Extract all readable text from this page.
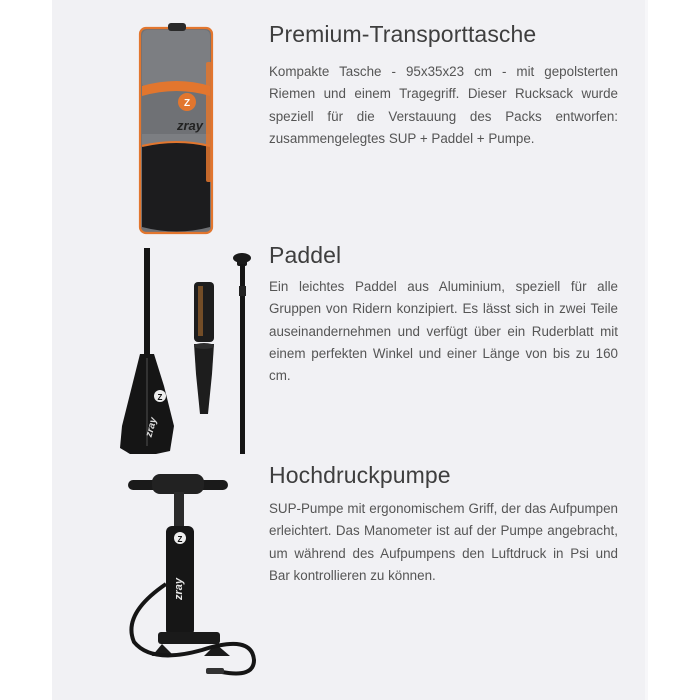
Z
zray
Premium-Transporttasche

Kompakte Tasche - 95x35x23 cm - mit gepolsterten Riemen und einem Tragegriff. Dieser Rucksack wurde speziell für die Verstauung des Packs entworfen: zusammengelegtes SUP + Paddel + Pumpe.

Z
zray
Paddel

Ein leichtes Paddel aus Aluminium, speziell für alle Gruppen von Ridern konzipiert. Es lässt sich in zwei Teile auseinandernehmen und verfügt über ein Ruderblatt mit einem perfekten Winkel und einer Länge von bis zu 160 cm.

Z
zray
Hochdruckpumpe

SUP-Pumpe mit ergonomischem Griff, der das Aufpumpen erleichtert. Das Manometer ist auf der Pumpe angebracht, um während des Aufpumpens den Luftdruck in Psi und Bar kontrollieren zu können.
